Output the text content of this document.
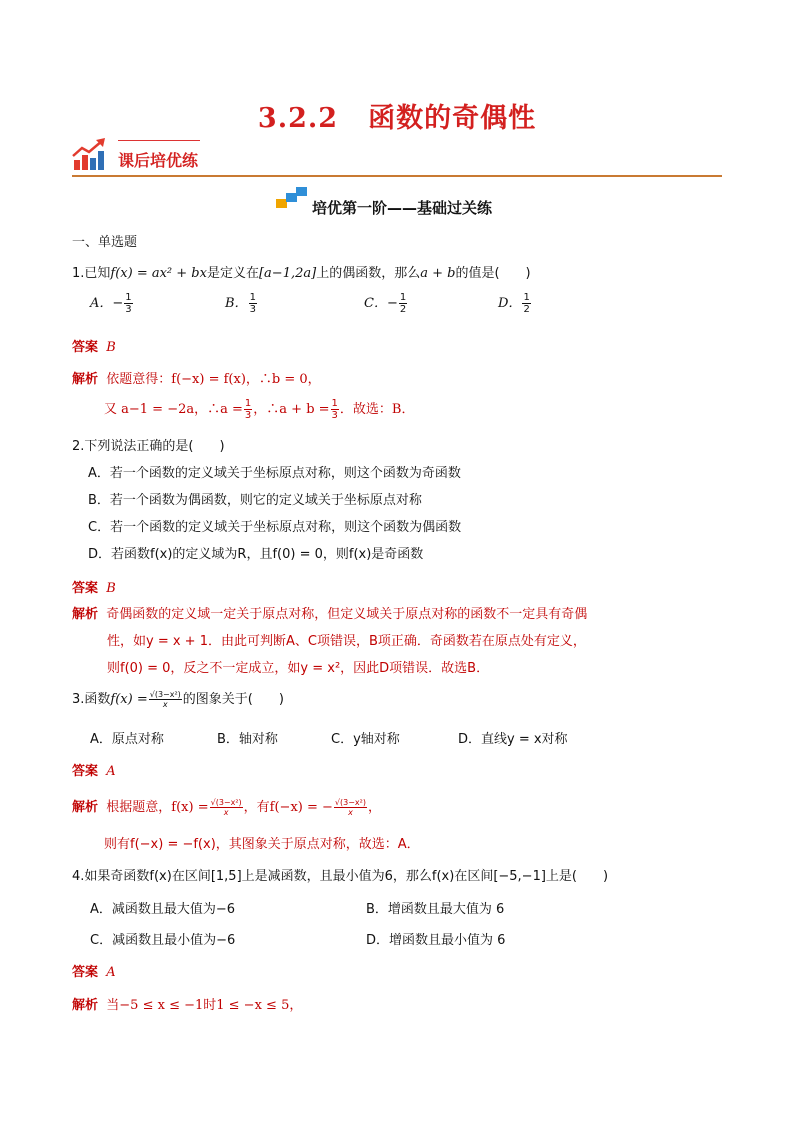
3.2.2 函数的奇偶性
课后培优练
培优第一阶——基础过关练
一、单选题
1.已知f(x) = ax² + bx是定义在[a−1,2a]上的偶函数，那么a + b的值是(　　)
A．− $\frac{1}{3}$	B． $\frac{1}{3}$	C．− $\frac{1}{2}$	D． $\frac{1}{2}$
答案 B
解析 依题意得：f(−x) = f(x)，∴b = 0，
又 a−1 = −2a，∴a = $\frac{1}{3}$ ，∴a + $b = \frac{1}{3}$ ．故选：B．
2.下列说法正确的是(　　)
A．若一个函数的定义域关于坐标原点对称，则这个函数为奇函数
B．若一个函数为偶函数，则它的定义域关于坐标原点对称
C．若一个函数的定义域关于坐标原点对称，则这个函数为偶函数
D．若函数f(x)的定义域为R，且f(0) = 0，则f(x)是奇函数
答案 B
解析 奇偶函数的定义域一定关于原点对称，但定义域关于原点对称的函数不一定具有奇偶
性，如y = x + 1．由此可判断A、C项错误，B项正确．奇函数若在原点处有定义，
则f(0) = 0，反之不一定成立，如y = x²，因此D项错误．故选B．
3.函数$f(x) = \frac{\text{√(3−x²)}}{x}$ 的图象关于(　　)
A．原点对称	B．轴对称	C．y轴对称	D．直线y = x对称
答案 A
解析 根据题意，$f(x) = \frac{\text{√(3−x²)}}{x}$ ，有f(−x) = − $\frac{\text{√(3−x²)}}{x}$ ，
则有f(−x) = −f(x)，其图象关于原点对称，故选：A．
4.如果奇函数f(x)在区间[1,5]上是减函数，且最小值为6，那么f(x)在区间[−5,−1]上是(　　)
A．减函数且最大值为−6	B．增函数且最大值为 6
C．减函数且最小值为−6	D．增函数且最小值为 6
答案 A
解析 当−5 ≤ x ≤ −1时1 ≤ −x ≤ 5，
